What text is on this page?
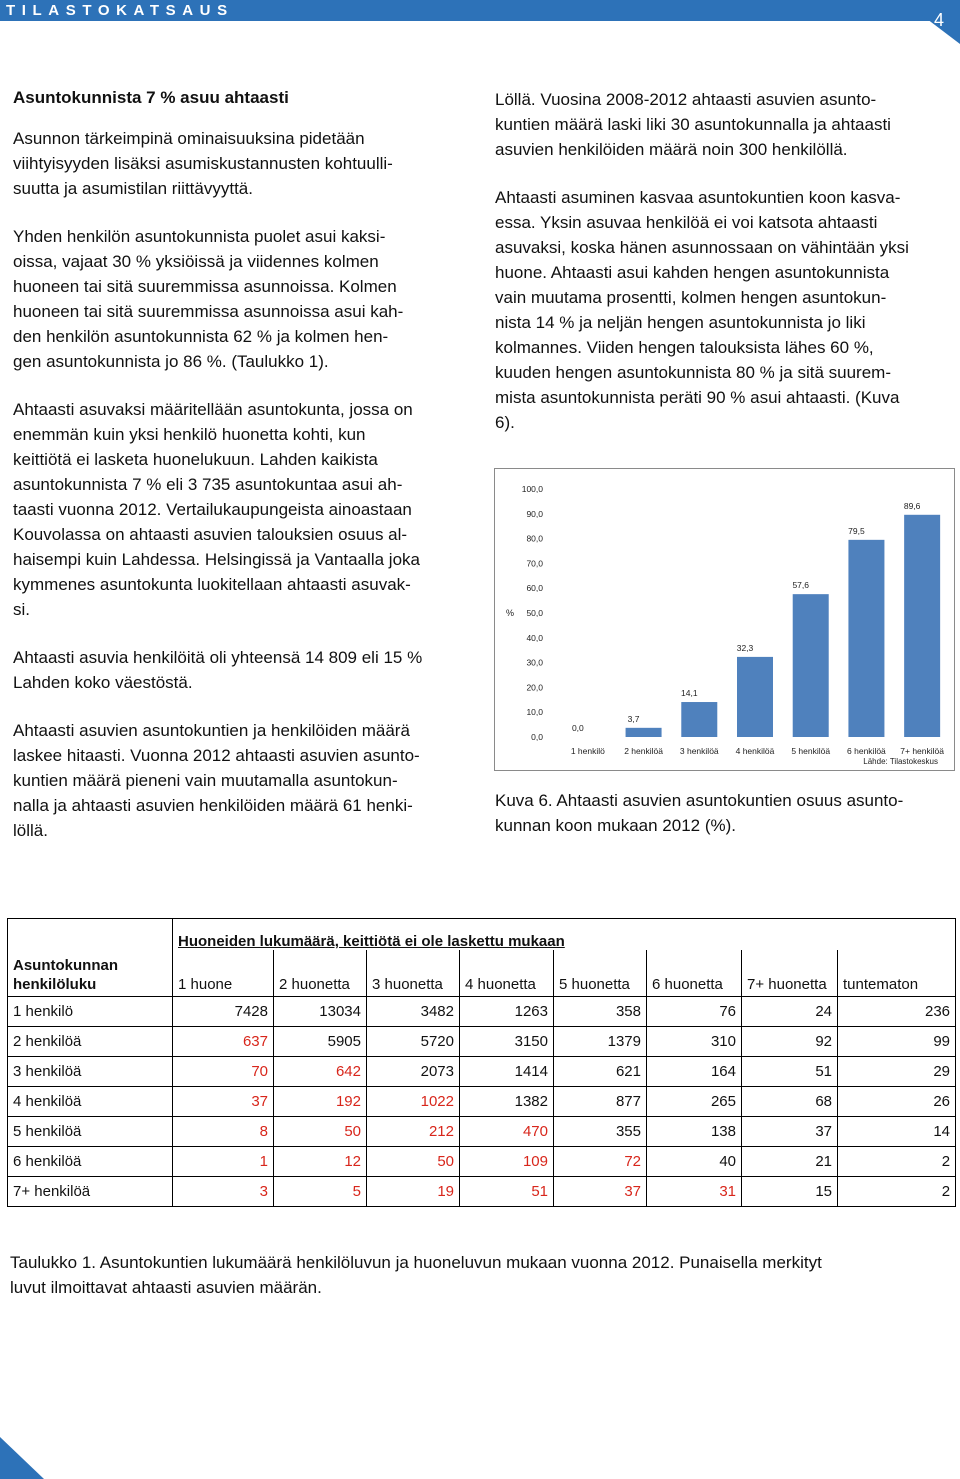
TILASTOKATSAUS	4

Asuntokunnista 7 % asuu ahtaasti

Asunnon tärkeimpinä ominaisuuksina pidetään
viihtyisyyden lisäksi asumiskustannusten kohtuulli-
suutta ja asumistilan riittävyyttä.

Yhden henkilön asuntokunnista puolet asui kaksi-
oissa, vajaat 30 % yksiöissä ja viidennes kolmen
huoneen tai sitä suuremmissa asunnoissa. Kolmen
huoneen tai sitä suuremmissa asunnoissa asui kah-
den henkilön asuntokunnista 62 % ja kolmen hen-
gen asuntokunnista jo 86 %. (Taulukko 1).

Ahtaasti asuvaksi määritellään asuntokunta, jossa on
enemmän kuin yksi henkilö huonetta kohti, kun
keittiötä ei lasketa huonelukuun. Lahden kaikista
asuntokunnista 7 % eli 3 735 asuntokuntaa asui ah-
taasti vuonna 2012. Vertailukaupungeista ainoastaan
Kouvolassa on ahtaasti asuvien talouksien osuus al-
haisempi kuin Lahdessa. Helsingissä ja Vantaalla joka
kymmenes asuntokunta luokitellaan ahtaasti asuvak-
si.

Ahtaasti asuvia henkilöitä oli yhteensä 14 809 eli 15 %
Lahden koko väestöstä.

Ahtaasti asuvien asuntokuntien ja henkilöiden määrä
laskee hitaasti. Vuonna 2012 ahtaasti asuvien asunto-
kuntien määrä pieneni vain muutamalla asuntokun-
nalla ja ahtaasti asuvien henkilöiden määrä 61 henki-
löllä.

Löllä. Vuosina 2008-2012 ahtaasti asuvien asunto-
kuntien määrä laski liki 30 asuntokunnalla ja ahtaasti
asuvien henkilöiden määrä noin 300 henkilöllä.

Ahtaasti asuminen kasvaa asuntokuntien koon kasva-
essa. Yksin asuvaa henkilöä ei voi katsota ahtaasti
asuvaksi, koska hänen asunnossaan on vähintään yksi
huone. Ahtaasti asui kahden hengen asuntokunnista
vain muutama prosentti, kolmen hengen asuntokun-
nista 14 % ja neljän hengen asuntokunnista jo liki
kolmannes. Viiden hengen talouksista lähes 60 %,
kuuden hengen asuntokunnista 80 % ja sitä suurem-
mista asuntokunnista peräti 90 % asui ahtaasti. (Kuva
6).

0,0
10,0
20,0
30,0
40,0
50,0
60,0
70,0
80,0
90,0
100,0
%
0,0
1 henkilö
3,7
2 henkilöä
14,1
3 henkilöä
32,3
4 henkilöä
57,6
5 henkilöä
79,5
6 henkilöä
89,6
7+ henkilöä
Lähde: Tilastokeskus
Kuva 6. Ahtaasti asuvien asuntokuntien osuus asunto-
kunnan koon mukaan 2012 (%).
	Huoneiden lukumäärä, keittiötä ei ole laskettu mukaan							
Asuntokunnan
henkilöluku	1 huone	2 huonetta	3 huonetta	4 huonetta	5 huonetta	6 huonetta	7+ huonetta	tuntematon
1 henkilö	7428	13034	3482	1263	358	76	24	236
2 henkilöä	637	5905	5720	3150	1379	310	92	99
3 henkilöä	70	642	2073	1414	621	164	51	29
4 henkilöä	37	192	1022	1382	877	265	68	26
5 henkilöä	8	50	212	470	355	138	37	14
6 henkilöä	1	12	50	109	72	40	21	2
7+ henkilöä	3	5	19	51	37	31	15	2
Taulukko 1. Asuntokuntien lukumäärä henkilöluvun ja huoneluvun mukaan vuonna 2012. Punaisella merkityt
luvut ilmoittavat ahtaasti asuvien määrän.
